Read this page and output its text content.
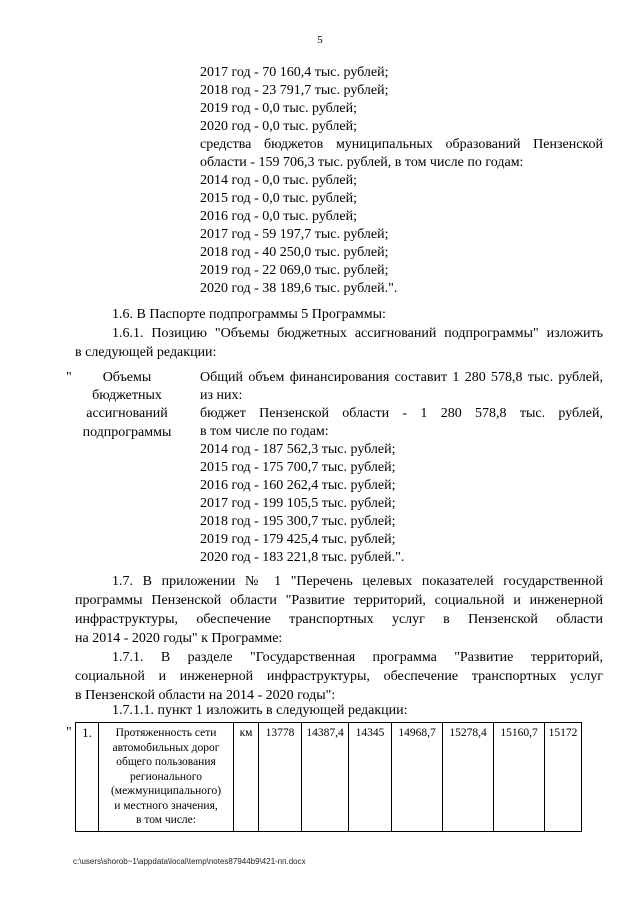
5
2017 год - 70 160,4 тыс. рублей;
2018 год - 23 791,7 тыс. рублей;
2019 год - 0,0 тыс. рублей;
2020 год - 0,0 тыс. рублей;
средства бюджетов муниципальных образований Пензенской
области - 159 706,3 тыс. рублей, в том числе по годам:
2014 год - 0,0 тыс. рублей;
2015 год - 0,0 тыс. рублей;
2016 год - 0,0 тыс. рублей;
2017 год - 59 197,7 тыс. рублей;
2018 год - 40 250,0 тыс. рублей;
2019 год - 22 069,0 тыс. рублей;
2020 год - 38 189,6 тыс. рублей.".
1.6. В Паспорте подпрограммы 5 Программы:
1.6.1. Позицию "Объемы бюджетных ассигнований подпрограммы" изложить
в следующей редакции:
"	Объемы
бюджетных
ассигнований
подпрограммы
Общий объем финансирования составит 1 280 578,8 тыс. рублей,
из них:
бюджет Пензенской области - 1 280 578,8 тыс. рублей,
в том числе по годам:
2014 год - 187 562,3 тыс. рублей;
2015 год - 175 700,7 тыс. рублей;
2016 год - 160 262,4 тыс. рублей;
2017 год - 199 105,5 тыс. рублей;
2018 год - 195 300,7 тыс. рублей;
2019 год - 179 425,4 тыс. рублей;
2020 год - 183 221,8 тыс. рублей.".
1.7. В приложении № 1 "Перечень целевых показателей государственной
программы Пензенской области "Развитие территорий, социальной и инженерной
инфраструктуры, обеспечение транспортных услуг в Пензенской области
на 2014 - 2020 годы" к Программе:
1.7.1. В разделе "Государственная программа "Развитие территорий,
социальной и инженерной инфраструктуры, обеспечение транспортных услуг
в Пензенской области на 2014 - 2020 годы":
1.7.1.1. пункт 1 изложить в следующей редакции:
" 1.	Протяженность сети
автомобильных дорог
общего пользования
регионального
(межмуниципального)
и местного значения,
в том числе:
	км	13778	14387,4	14345	14968,7	15278,4	15160,7	15172
c:\users\shorob~1\appdata\local\temp\notes87944b9\421-пп.docx
